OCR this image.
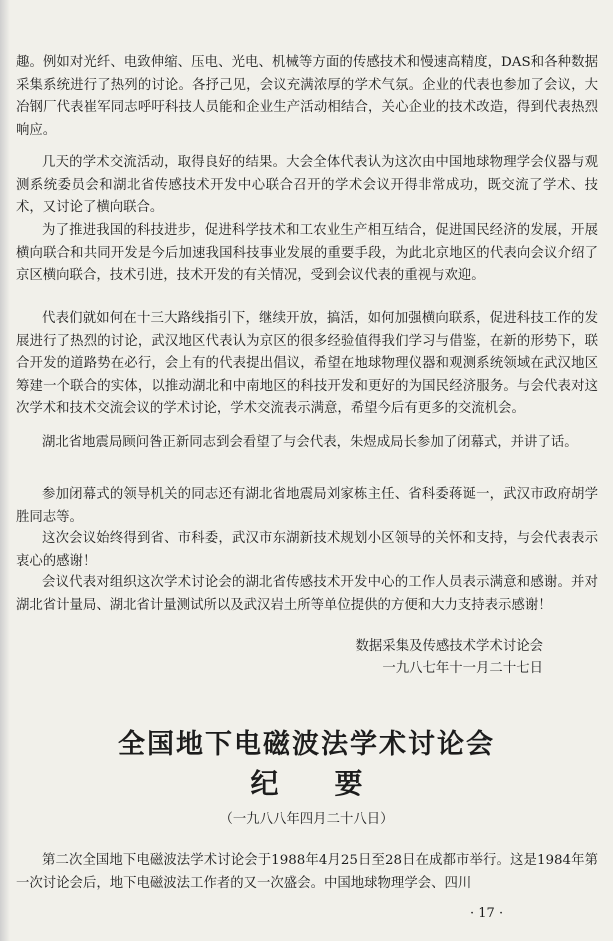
趣。例如对光纤、电致伸缩、压电、光电、机械等方面的传感技术和慢速高精度，DAS和各种数据采集系统进行了热列的讨论。各抒己见，会议充满浓厚的学术气氛。企业的代表也参加了会议，大冶钢厂代表崔军同志呼吁科技人员能和企业生产活动相结合，关心企业的技术改造，得到代表热烈响应。

几天的学术交流活动，取得良好的结果。大会全体代表认为这次由中国地球物理学会仪器与观测系统委员会和湖北省传感技术开发中心联合召开的学术会议开得非常成功，既交流了学术、技术，又讨论了横向联合。

为了推进我国的科技进步，促进科学技术和工农业生产相互结合，促进国民经济的发展，开展横向联合和共同开发是今后加速我国科技事业发展的重要手段，为此北京地区的代表向会议介绍了京区横向联合，技术引进，技术开发的有关情况，受到会议代表的重视与欢迎。

代表们就如何在十三大路线指引下，继续开放，搞活，如何加强横向联系，促进科技工作的发展进行了热烈的讨论，武汉地区代表认为京区的很多经验值得我们学习与借鉴，在新的形势下，联合开发的道路势在必行，会上有的代表提出倡议，希望在地球物理仪器和观测系统领域在武汉地区筹建一个联合的实体，以推动湖北和中南地区的科技开发和更好的为国民经济服务。与会代表对这次学术和技术交流会议的学术讨论，学术交流表示满意，希望今后有更多的交流机会。

湖北省地震局顾问昝正新同志到会看望了与会代表，朱煜成局长参加了闭幕式，并讲了话。

参加闭幕式的领导机关的同志还有湖北省地震局刘家栋主任、省科委蒋诞一，武汉市政府胡学胜同志等。

这次会议始终得到省、市科委，武汉市东湖新技术规划小区领导的关怀和支持，与会代表表示衷心的感谢！

会议代表对组织这次学术讨论会的湖北省传感技术开发中心的工作人员表示满意和感谢。并对湖北省计量局、湖北省计量测试所以及武汉岩土所等单位提供的方便和大力支持表示感谢！

数据采集及传感技术学术讨论会
一九八七年十一月二十七日
全国地下电磁波法学术讨论会
纪　　要
（一九八八年四月二十八日）

第二次全国地下电磁波法学术讨论会于1988年4月25日至28日在成都市举行。这是1984年第一次讨论会后，地下电磁波法工作者的又一次盛会。中国地球物理学会、四川

· 17 ·
